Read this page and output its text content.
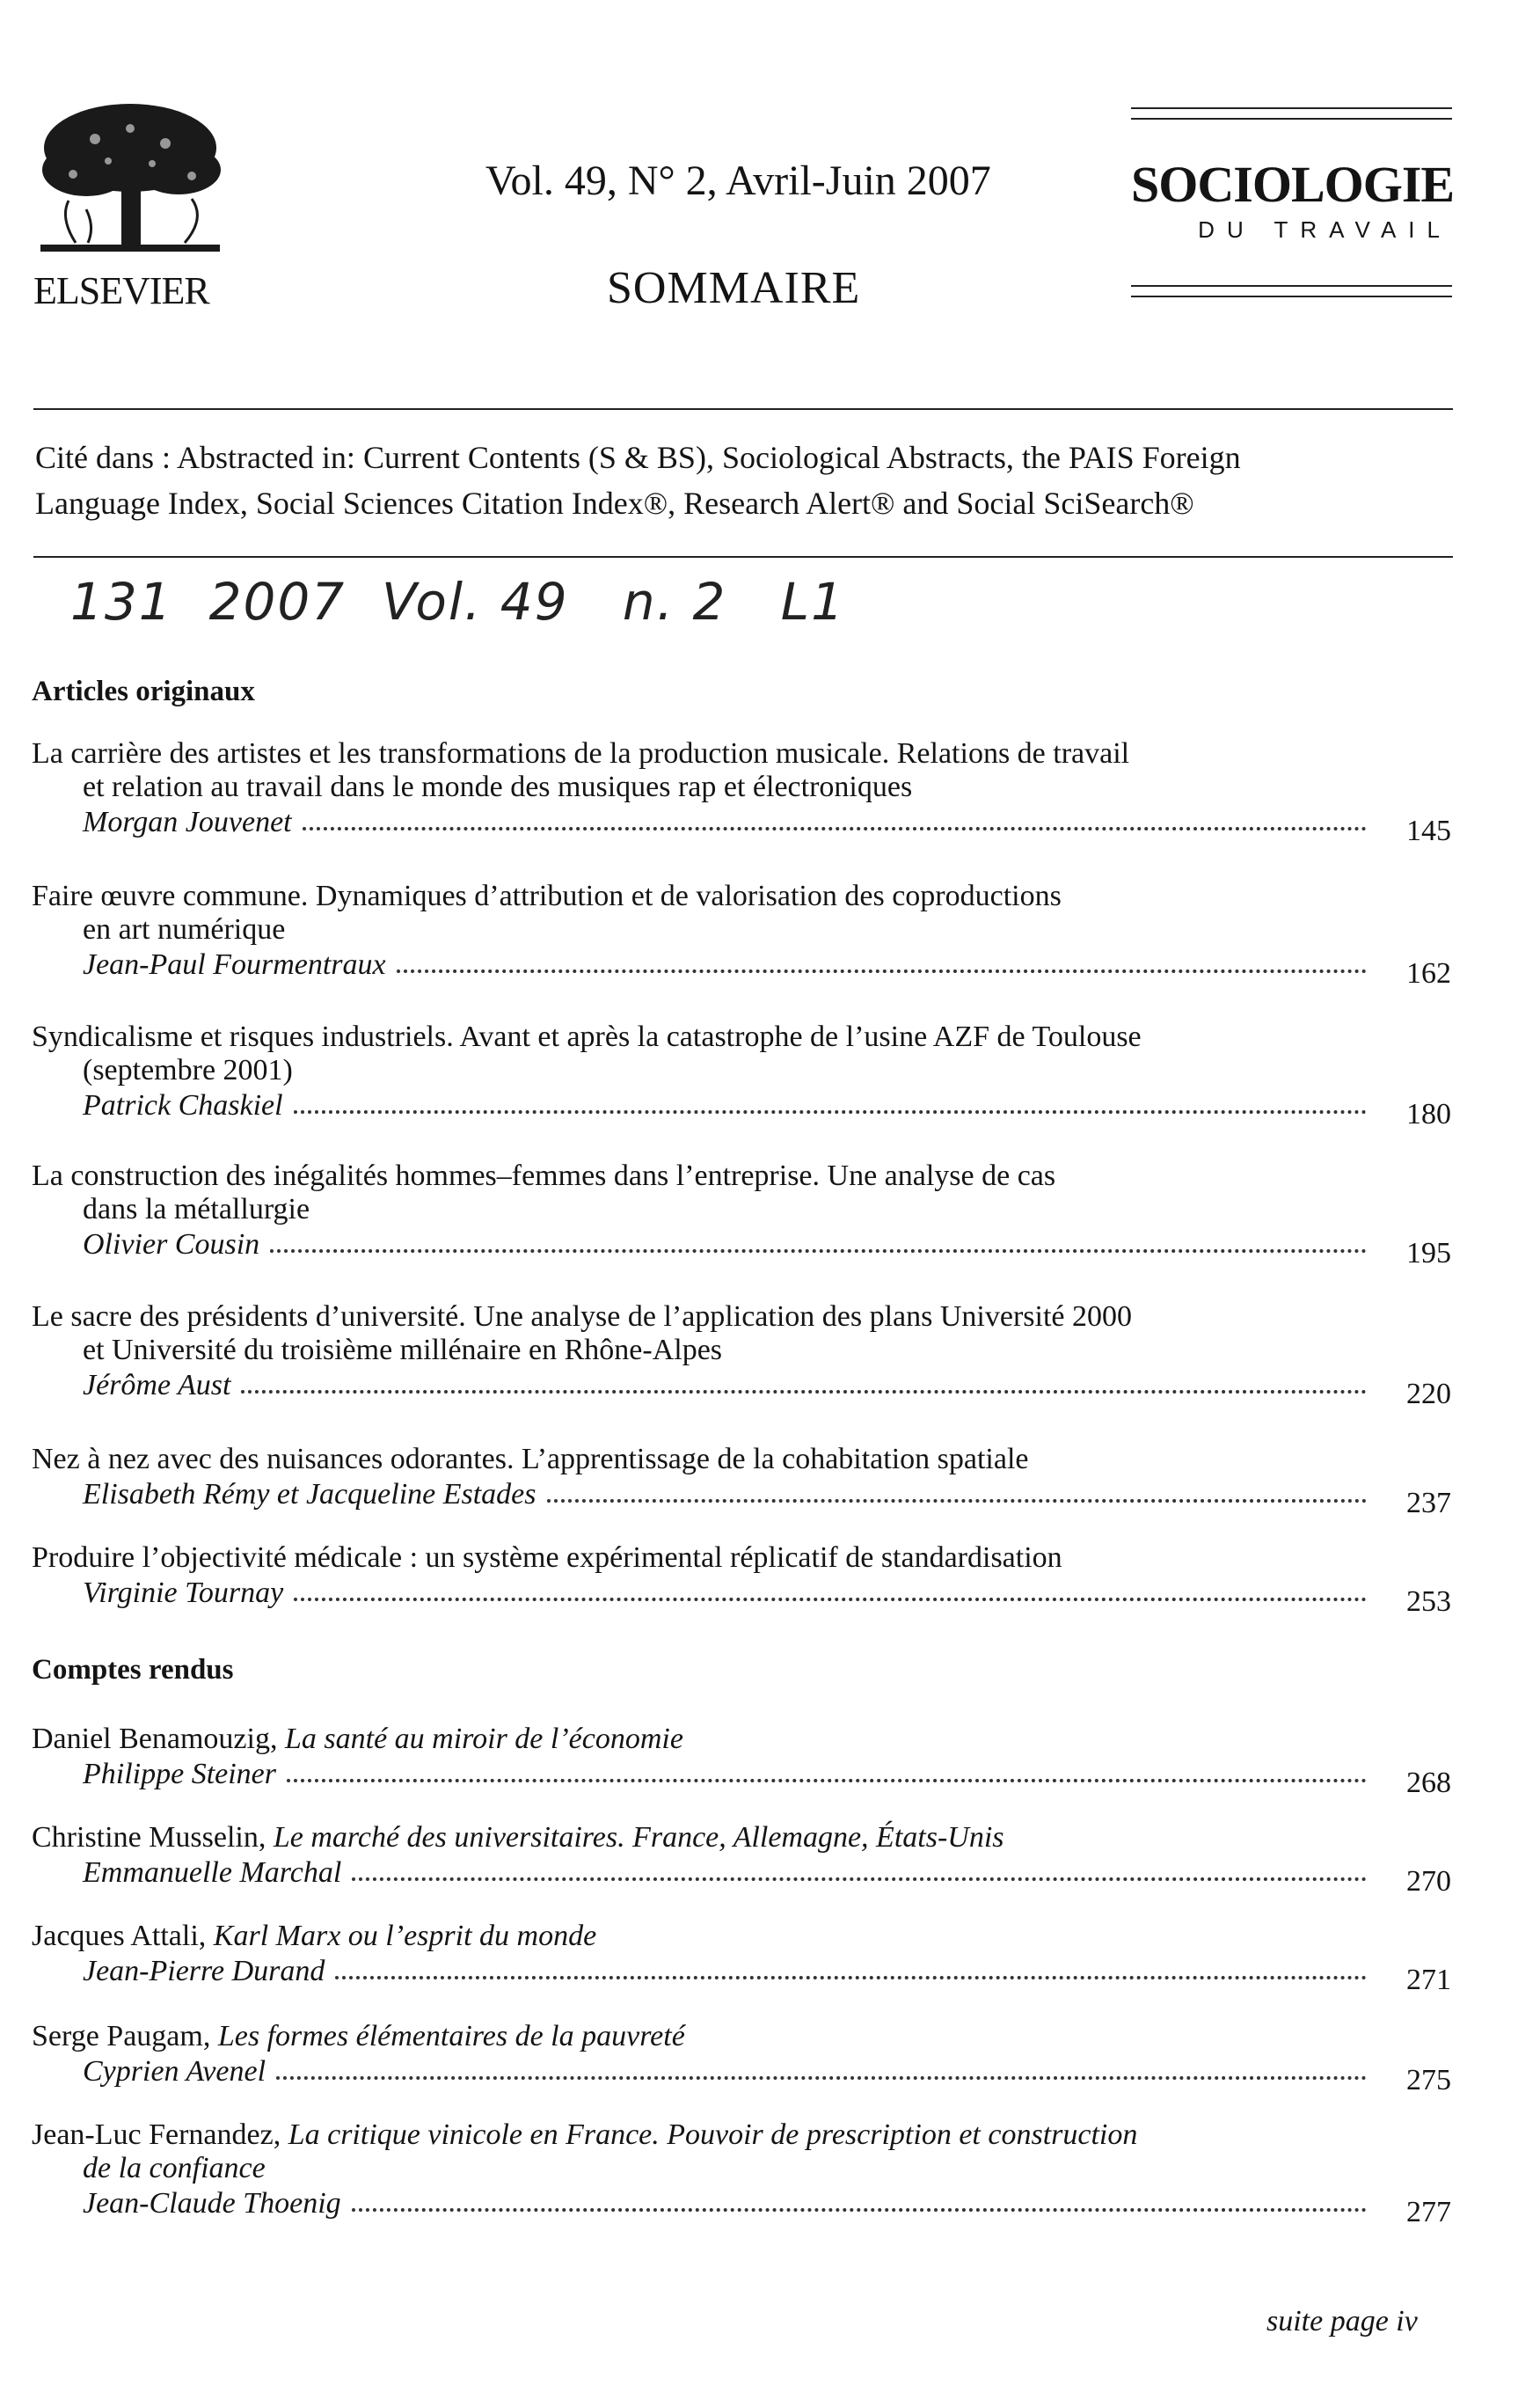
ELSEVIER
Vol. 49, N° 2, Avril-Juin 2007
SOMMAIRE
SOCIOLOGIE
DU TRAVAIL
Cité dans : Abstracted in: Current Contents (S & BS), Sociological Abstracts, the PAIS Foreign
Language Index, Social Sciences Citation Index®, Research Alert® and Social SciSearch®
131  2007  Vol. 49   n. 2   L1
Articles originaux
La carrière des artistes et les transformations de la production musicale. Relations de travail
et relation au travail dans le monde des musiques rap et électroniques
Morgan Jouvenet	145
Faire œuvre commune. Dynamiques d’attribution et de valorisation des coproductions
en art numérique
Jean-Paul Fourmentraux	162
Syndicalisme et risques industriels. Avant et après la catastrophe de l’usine AZF de Toulouse
(septembre 2001)
Patrick Chaskiel	180
La construction des inégalités hommes–femmes dans l’entreprise. Une analyse de cas
dans la métallurgie
Olivier Cousin	195
Le sacre des présidents d’université. Une analyse de l’application des plans Université 2000
et Université du troisième millénaire en Rhône-Alpes
Jérôme Aust	220
Nez à nez avec des nuisances odorantes. L’apprentissage de la cohabitation spatiale
Elisabeth Rémy et Jacqueline Estades	237
Produire l’objectivité médicale : un système expérimental réplicatif de standardisation
Virginie Tournay	253
Comptes rendus
Daniel Benamouzig, La santé au miroir de l’économie
Philippe Steiner	268
Christine Musselin, Le marché des universitaires. France, Allemagne, États-Unis
Emmanuelle Marchal	270
Jacques Attali, Karl Marx ou l’esprit du monde
Jean-Pierre Durand	271
Serge Paugam, Les formes élémentaires de la pauvreté
Cyprien Avenel	275
Jean-Luc Fernandez, La critique vinicole en France. Pouvoir de prescription et construction
de la confiance
Jean-Claude Thoenig	277
suite page iv
